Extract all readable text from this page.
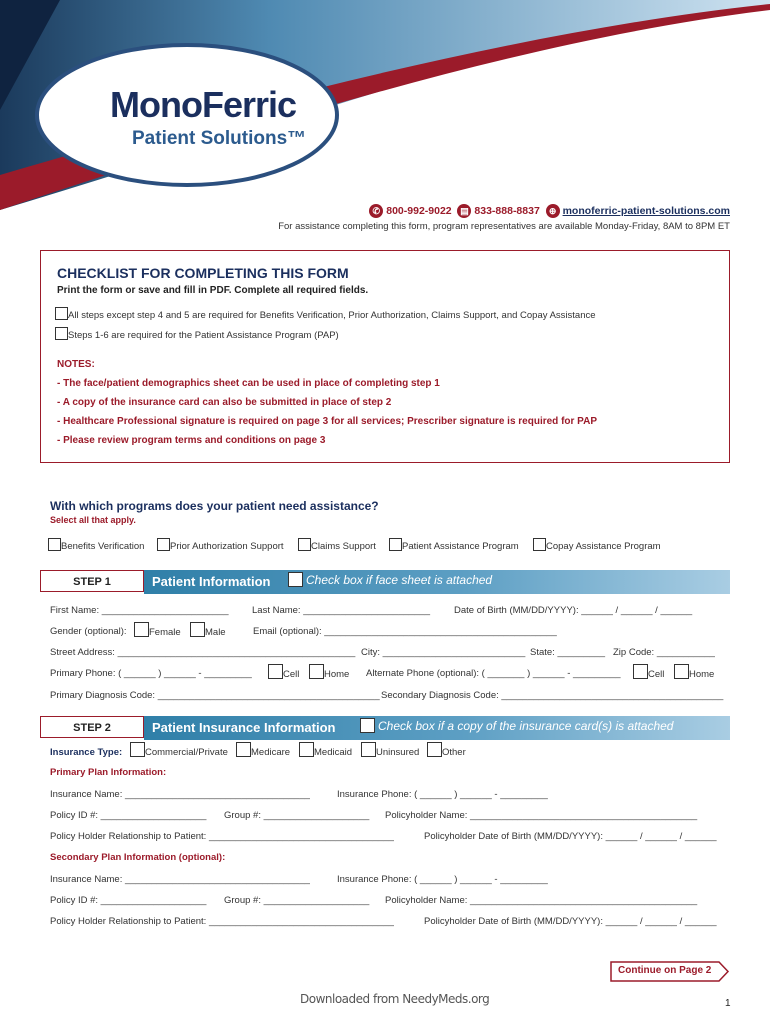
MonoFerric
Patient Solutions™
✆ 800-992-9022 ▤ 833-888-8837 ⊕ monoferric-patient-solutions.com
For assistance completing this form, program representatives are available Monday-Friday, 8AM to 8PM ET
CHECKLIST FOR COMPLETING THIS FORM
Print the form or save and fill in PDF. Complete all required fields.
All steps except step 4 and 5 are required for Benefits Verification, Prior Authorization, Claims Support, and Copay Assistance
Steps 1-6 are required for the Patient Assistance Program (PAP)
NOTES:
- The face/patient demographics sheet can be used in place of completing step 1
- A copy of the insurance card can also be submitted in place of step 2
- Healthcare Professional signature is required on page 3 for all services; Prescriber signature is required for PAP
- Please review program terms and conditions on page 3
With which programs does your patient need assistance?
Select all that apply.
Benefits Verification	Prior Authorization Support	Claims Support	Patient Assistance Program	Copay Assistance Program
STEP 1	Patient Information	Check box if face sheet is attached
First Name: ________________________ Last Name: ________________________	Date of Birth (MM/DD/YYYY): ______ / ______ / ______
Gender (optional):	Female	Male	Email (optional): ____________________________________________
Street Address: _____________________________________________ City: ___________________________ State: _________ Zip Code: ___________
Primary Phone: ( ______ ) ______ - _________	Cell	Home Alternate Phone (optional): ( _______ ) ______ - _________	Cell	Home
Primary Diagnosis Code: __________________________________________ Secondary Diagnosis Code: __________________________________________
STEP 2	Patient Insurance Information	Check box if a copy of the insurance card(s) is attached
Insurance Type:	Commercial/Private	Medicare	Medicaid	Uninsured	Other
Primary Plan Information:
Insurance Name: ___________________________________	Insurance Phone: ( ______ ) ______ - _________
Policy ID #: ____________________ Group #: ____________________ Policyholder Name: ___________________________________________
Policy Holder Relationship to Patient: ___________________________________	Policyholder Date of Birth (MM/DD/YYYY): ______ / ______ / ______
Secondary Plan Information (optional):
Insurance Name: ___________________________________	Insurance Phone: ( ______ ) ______ - _________
Policy ID #: ____________________ Group #: ____________________ Policyholder Name: ___________________________________________
Policy Holder Relationship to Patient: ___________________________________	Policyholder Date of Birth (MM/DD/YYYY): ______ / ______ / ______
Continue on Page 2
Downloaded from NeedyMeds.org	1
